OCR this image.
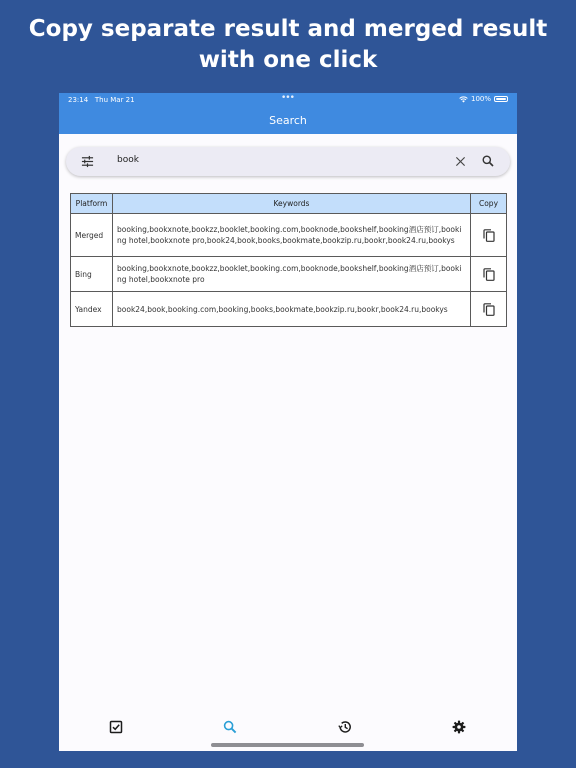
Copy separate result and merged result
with one click
23:14 Thu Mar 21	•••	100%
Search
book
Platform	Keywords	Copy
Merged	booking,bookxnote,bookzz,booklet,booking.com,booknode,bookshelf,booking酒店预订,booking hotel,bookxnote pro,book24,book,books,bookmate,bookzip.ru,bookr,book24.ru,bookys	
Bing	booking,bookxnote,bookzz,booklet,booking.com,booknode,bookshelf,booking酒店预订,booking hotel,bookxnote pro	
Yandex	book24,book,booking.com,booking,books,bookmate,bookzip.ru,bookr,book24.ru,bookys	
